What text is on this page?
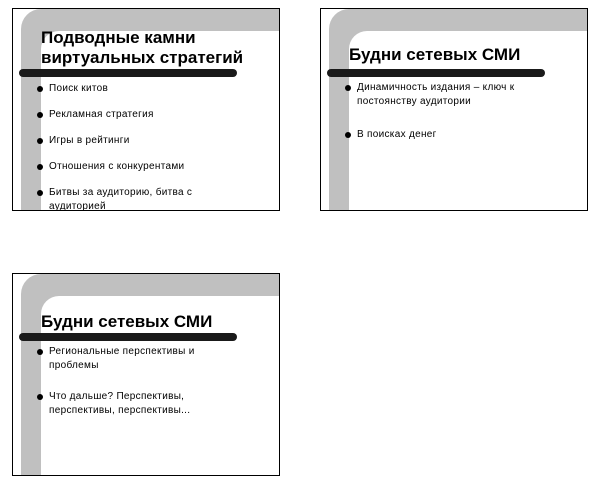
Подводные камни
виртуальных стратегий
Поиск китов
Рекламная стратегия
Игры в рейтинги
Отношения с конкурентами
Битвы за аудиторию, битва с аудиторией
Будни сетевых СМИ
Динамичность издания – ключ к постоянству аудитории
В поисках денег
Будни сетевых СМИ
Региональные перспективы и проблемы
Что дальше? Перспективы, перспективы, перспективы...
